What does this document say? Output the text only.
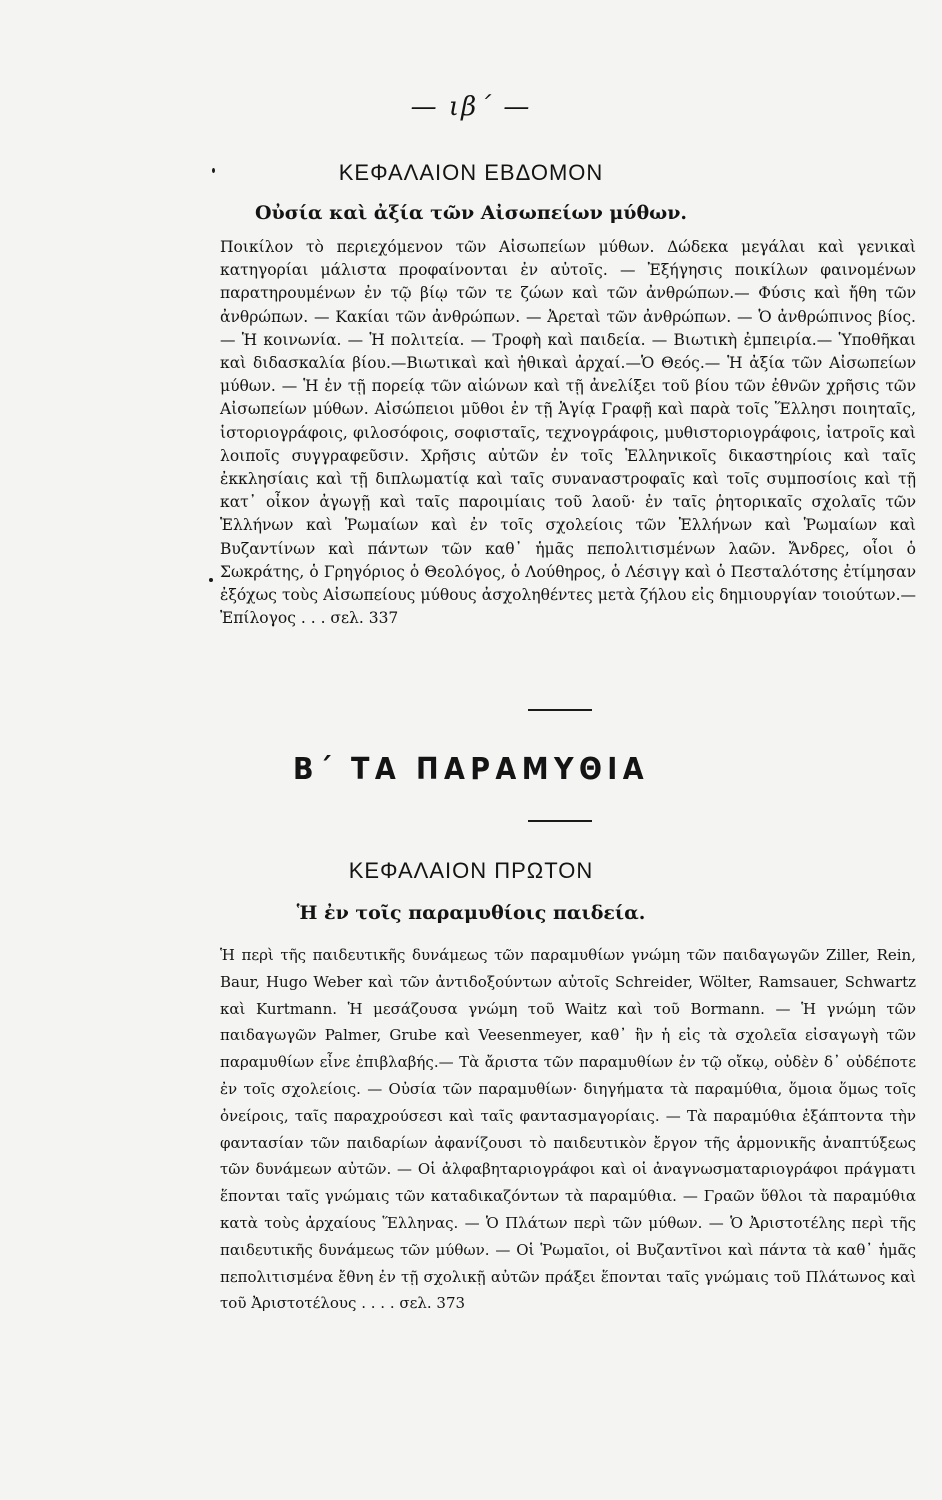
— ιβ΄ —
ΚΕΦΑΛΑΙΟΝ ΕΒΔΟΜΟΝ
Οὐσία καὶ ἀξία τῶν Αἰσωπείων μύθων.

Ποικίλον τὸ περιεχόμενον τῶν Αἰσωπείων μύθων. Δώδεκα μεγάλαι καὶ γενικαὶ κατηγορίαι μάλιστα προφαίνονται ἐν αὐτοῖς. — Ἐξήγησις ποικίλων φαινομένων παρατηρουμένων ἐν τῷ βίῳ τῶν τε ζώων καὶ τῶν ἀνθρώπων.— Φύσις καὶ ἤθη τῶν ἀνθρώπων. — Κακίαι τῶν ἀνθρώπων. — Ἀρεταὶ τῶν ἀνθρώπων. — Ὁ ἀνθρώπινος βίος. — Ἡ κοινωνία. — Ἡ πολιτεία. — Τροφὴ καὶ παιδεία. — Βιωτικὴ ἐμπειρία.— Ὑποθῆκαι καὶ διδασκαλία βίου.—Βιωτικαὶ καὶ ἠθικαὶ ἀρχαί.—Ὁ Θεός.— Ἡ ἀξία τῶν Αἰσωπείων μύθων. — Ἡ ἐν τῇ πορείᾳ τῶν αἰώνων καὶ τῇ ἀνελίξει τοῦ βίου τῶν ἐθνῶν χρῆσις τῶν Αἰσωπείων μύθων. Αἰσώπειοι μῦθοι ἐν τῇ Ἁγίᾳ Γραφῇ καὶ παρὰ τοῖς Ἕλλησι ποιηταῖς, ἱστοριογράφοις, φιλοσόφοις, σοφισταῖς, τεχνογράφοις, μυθιστοριογράφοις, ἰατροῖς καὶ λοιποῖς συγγραφεῦσιν. Χρῆσις αὐτῶν ἐν τοῖς Ἑλληνικοῖς δικαστηρίοις καὶ ταῖς ἐκκλησίαις καὶ τῇ διπλωματίᾳ καὶ ταῖς συναναστροφαῖς καὶ τοῖς συμποσίοις καὶ τῇ κατ᾽ οἶκον ἀγωγῇ καὶ ταῖς παροιμίαις τοῦ λαοῦ· ἐν ταῖς ῥητορικαῖς σχολαῖς τῶν Ἑλλήνων καὶ Ῥωμαίων καὶ ἐν τοῖς σχολείοις τῶν Ἑλλήνων καὶ Ῥωμαίων καὶ Βυζαντίνων καὶ πάντων τῶν καθ᾽ ἡμᾶς πεπολιτισμένων λαῶν. Ἄνδρες, οἷοι ὁ Σωκράτης, ὁ Γρηγόριος ὁ Θεολόγος, ὁ Λούθηρος, ὁ Λέσιγγ καὶ ὁ Πεσταλότσης ἐτίμησαν ἐξόχως τοὺς Αἰσωπείους μύθους ἀσχοληθέντες μετὰ ζήλου εἰς δημιουργίαν τοιούτων.— Ἐπίλογος . . . σελ. 337

Β΄ ΤΑ ΠΑΡΑΜΥΘΙΑ
ΚΕΦΑΛΑΙΟΝ ΠΡΩΤΟΝ
Ἡ ἐν τοῖς παραμυθίοις παιδεία.

Ἡ περὶ τῆς παιδευτικῆς δυνάμεως τῶν παραμυθίων γνώμη τῶν παιδαγωγῶν Ziller, Rein, Baur, Hugo Weber καὶ τῶν ἀντιδοξούντων αὐτοῖς Schreider, Wölter, Ramsauer, Schwartz καὶ Kurtmann. Ἡ μεσάζουσα γνώμη τοῦ Waitz καὶ τοῦ Bormann. — Ἡ γνώμη τῶν παιδαγωγῶν Palmer, Grube καὶ Veesenmeyer, καθ᾽ ἣν ἡ εἰς τὰ σχολεῖα εἰσαγωγὴ τῶν παραμυθίων εἶνε ἐπιβλαβής.— Τὰ ἄριστα τῶν παραμυθίων ἐν τῷ οἴκῳ, οὐδὲν δ᾽ οὐδέποτε ἐν τοῖς σχολείοις. — Οὐσία τῶν παραμυθίων· διηγήματα τὰ παραμύθια, ὅμοια ὅμως τοῖς ὀνείροις, ταῖς παραχρούσεσι καὶ ταῖς φαντασμαγορίαις. — Τὰ παραμύθια ἐξάπτοντα τὴν φαντασίαν τῶν παιδαρίων ἀφανίζουσι τὸ παιδευτικὸν ἔργον τῆς ἁρμονικῆς ἀναπτύξεως τῶν δυνάμεων αὐτῶν. — Οἱ ἀλφαβηταριογράφοι καὶ οἱ ἀναγνωσματαριογράφοι πράγματι ἕπονται ταῖς γνώμαις τῶν καταδικαζόντων τὰ παραμύθια. — Γραῶν ὕθλοι τὰ παραμύθια κατὰ τοὺς ἀρχαίους Ἕλληνας. — Ὁ Πλάτων περὶ τῶν μύθων. — Ὁ Ἀριστοτέλης περὶ τῆς παιδευτικῆς δυνάμεως τῶν μύθων. — Οἱ Ῥωμαῖοι, οἱ Βυζαντῖνοι καὶ πάντα τὰ καθ᾽ ἡμᾶς πεπολιτισμένα ἔθνη ἐν τῇ σχολικῇ αὐτῶν πράξει ἕπονται ταῖς γνώμαις τοῦ Πλάτωνος καὶ τοῦ Ἀριστοτέλους . . . . σελ. 373
